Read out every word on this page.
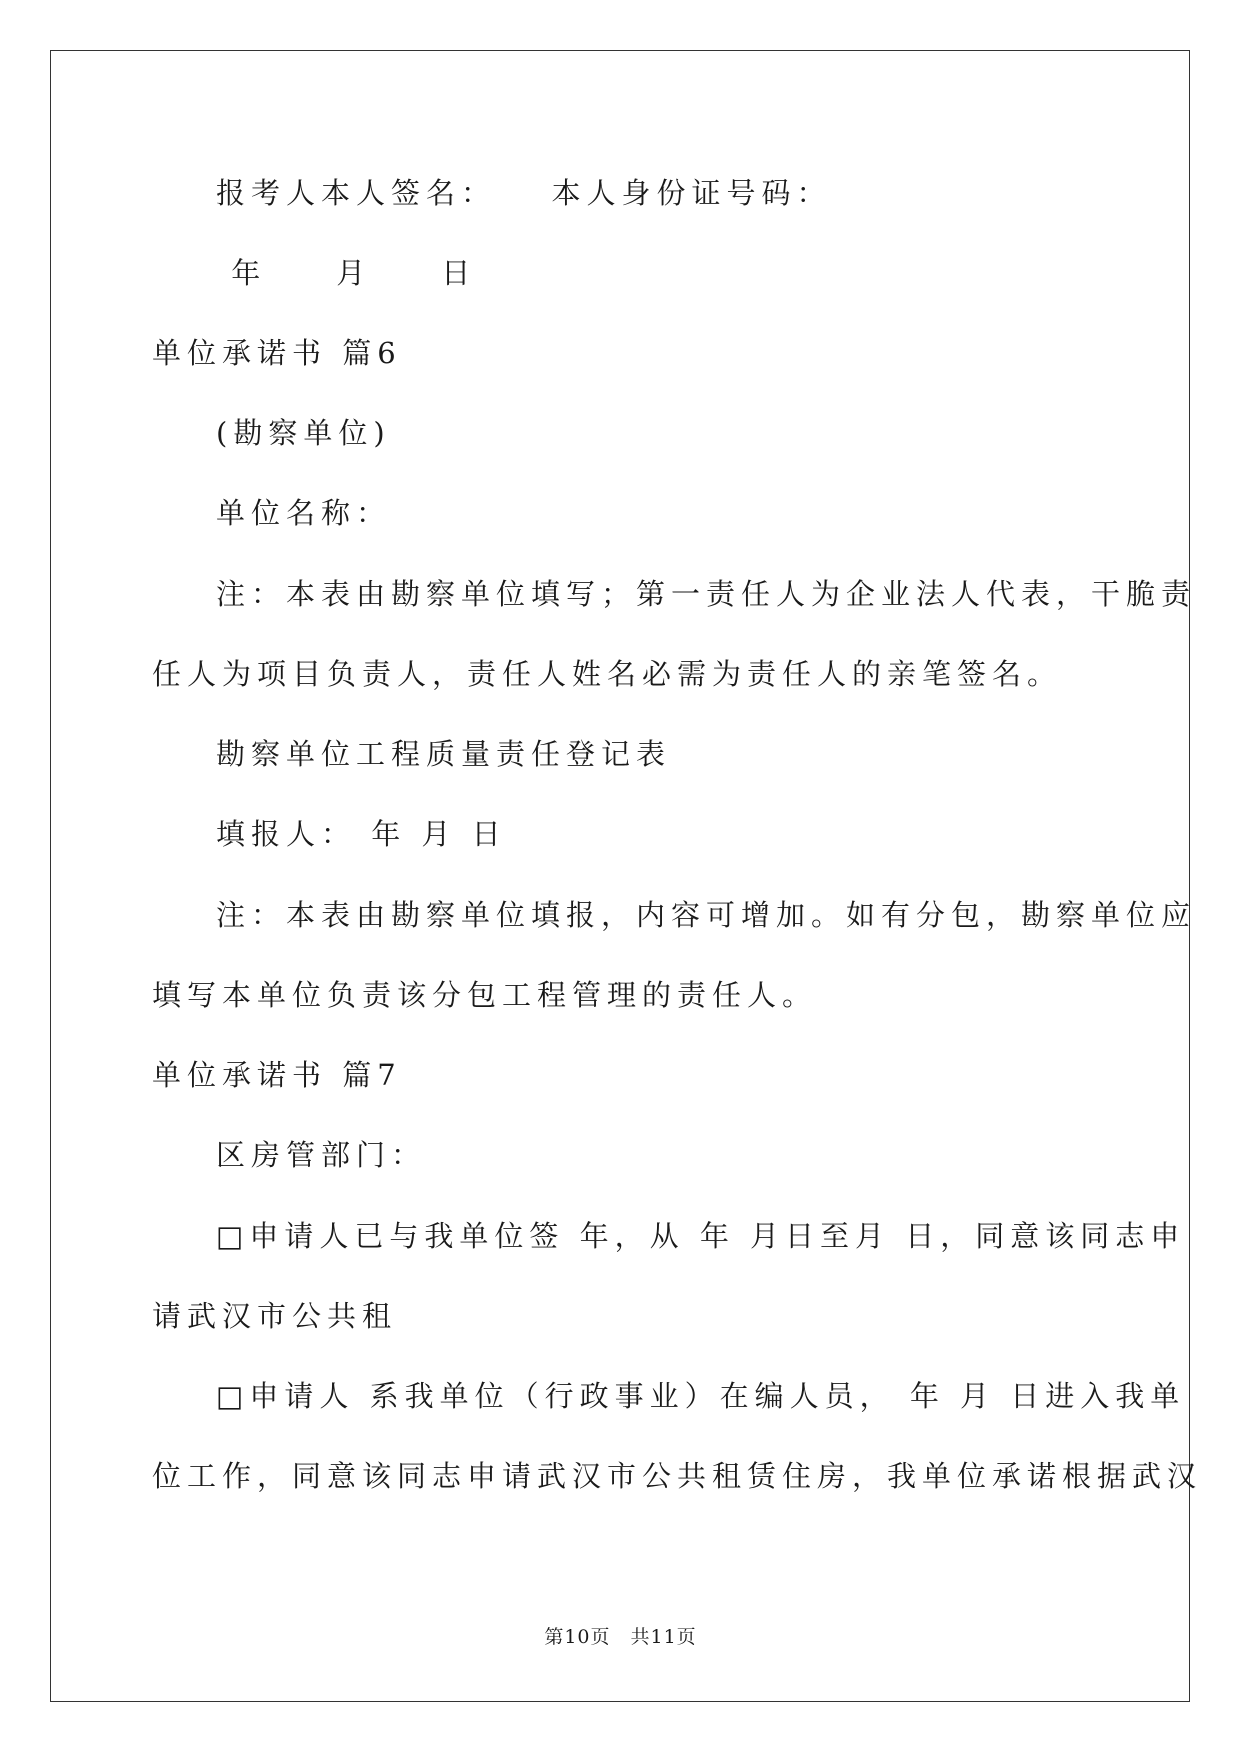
报考人本人签名：　　本人身份证号码：
年　　月　　日
单位承诺书 篇6
(勘察单位)
单位名称：
注：本表由勘察单位填写；第一责任人为企业法人代表，干脆责
任人为项目负责人，责任人姓名必需为责任人的亲笔签名。
勘察单位工程质量责任登记表
填报人： 年 月 日
注：本表由勘察单位填报，内容可增加。如有分包，勘察单位应
填写本单位负责该分包工程管理的责任人。
单位承诺书 篇7
区房管部门：
□申请人已与我单位签 年，从 年 月日至月 日，同意该同志申
请武汉市公共租
□申请人 系我单位（行政事业）在编人员， 年 月 日进入我单
位工作，同意该同志申请武汉市公共租赁住房，我单位承诺根据武汉
第10页　共11页
